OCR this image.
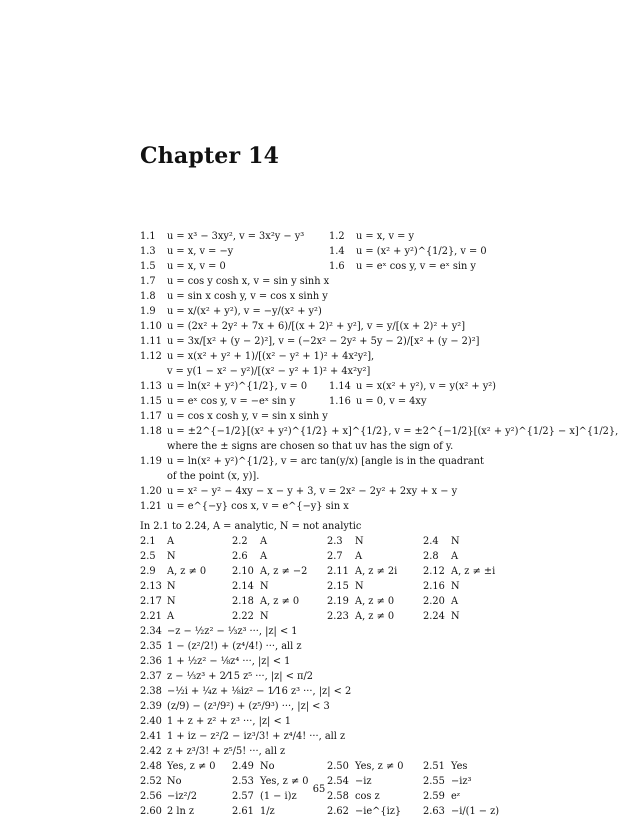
Chapter 14
1.1 u = x³ − 3xy², v = 3x²y − y³	1.2 u = x, v = y
1.3 u = x, v = −y	1.4 u = (x² + y²)^{1/2}, v = 0
1.5 u = x, v = 0	1.6 u = eˣ cos y, v = eˣ sin y
1.7 u = cos y cosh x, v = sin y sinh x
1.8 u = sin x cosh y, v = cos x sinh y
1.9 u = x/(x² + y²), v = −y/(x² + y²)
1.10 u = (2x² + 2y² + 7x + 6)/[(x + 2)² + y²], v = y/[(x + 2)² + y²]
1.11 u = 3x/[x² + (y − 2)²], v = (−2x² − 2y² + 5y − 2)/[x² + (y − 2)²]
1.12 u = x(x² + y² + 1)/[(x² − y² + 1)² + 4x²y²],
v = y(1 − x² − y²)/[(x² − y² + 1)² + 4x²y²]
1.13 u = ln(x² + y²)^{1/2}, v = 0 1.14 u = x(x² + y²), v = y(x² + y²)
1.15 u = eˣ cos y, v = −eˣ sin y	1.16 u = 0, v = 4xy
1.17 u = cos x cosh y, v = sin x sinh y
1.18 u = ±2^{−1/2}[(x² + y²)^{1/2} + x]^{1/2}, v = ±2^{−1/2}[(x² + y²)^{1/2} − x]^{1/2},
where the ± signs are chosen so that uv has the sign of y.
1.19 u = ln(x² + y²)^{1/2}, v = arc tan(y/x) [angle is in the quadrant
of the point (x, y)].
1.20 u = x² − y² − 4xy − x − y + 3, v = 2x² − 2y² + 2xy + x − y
1.21 u = e^{−y} cos x, v = e^{−y} sin x
In 2.1 to 2.24, A = analytic, N = not analytic
2.1 A	2.2 A	2.3 N	2.4 N
2.5 N	2.6 A	2.7 A	2.8 A
2.9 A, z ≠ 0	2.10 A, z ≠ −2 2.11 A, z ≠ 2i	2.12 A, z ≠ ±i
2.13 N	2.14 N	2.15 N	2.16 N
2.17 N	2.18 A, z ≠ 0	2.19 A, z ≠ 0	2.20 A
2.21 A	2.22 N	2.23 A, z ≠ 0	2.24 N
2.34 −z − ½z² − ⅓z³ ···, |z| < 1
2.35 1 − (z²/2!) + (z⁴/4!) ···, all z
2.36 1 + ½z² − ⅛z⁴ ···, |z| < 1
2.37 z − ⅓z³ + 2⁄15 z⁵ ···, |z| < π/2
2.38 −½i + ¼z + ⅛iz² − 1⁄16 z³ ···, |z| < 2
2.39 (z/9) − (z³/9²) + (z⁵/9³) ···, |z| < 3
2.40 1 + z + z² + z³ ···, |z| < 1
2.41 1 + iz − z²/2 − iz³/3! + z⁴/4! ···, all z
2.42 z + z³/3! + z⁵/5! ···, all z
2.48 Yes, z ≠ 0 2.49 No	2.50 Yes, z ≠ 0 2.51 Yes
2.52 No	2.53 Yes, z ≠ 0 2.54 −iz	2.55 −iz³
2.56 −iz²/2	2.57 (1 − i)z	2.58 cos z	2.59 eᶻ
2.60 2 ln z	2.61 1/z	2.62 −ie^{iz} 2.63 −i/(1 − z)
65
